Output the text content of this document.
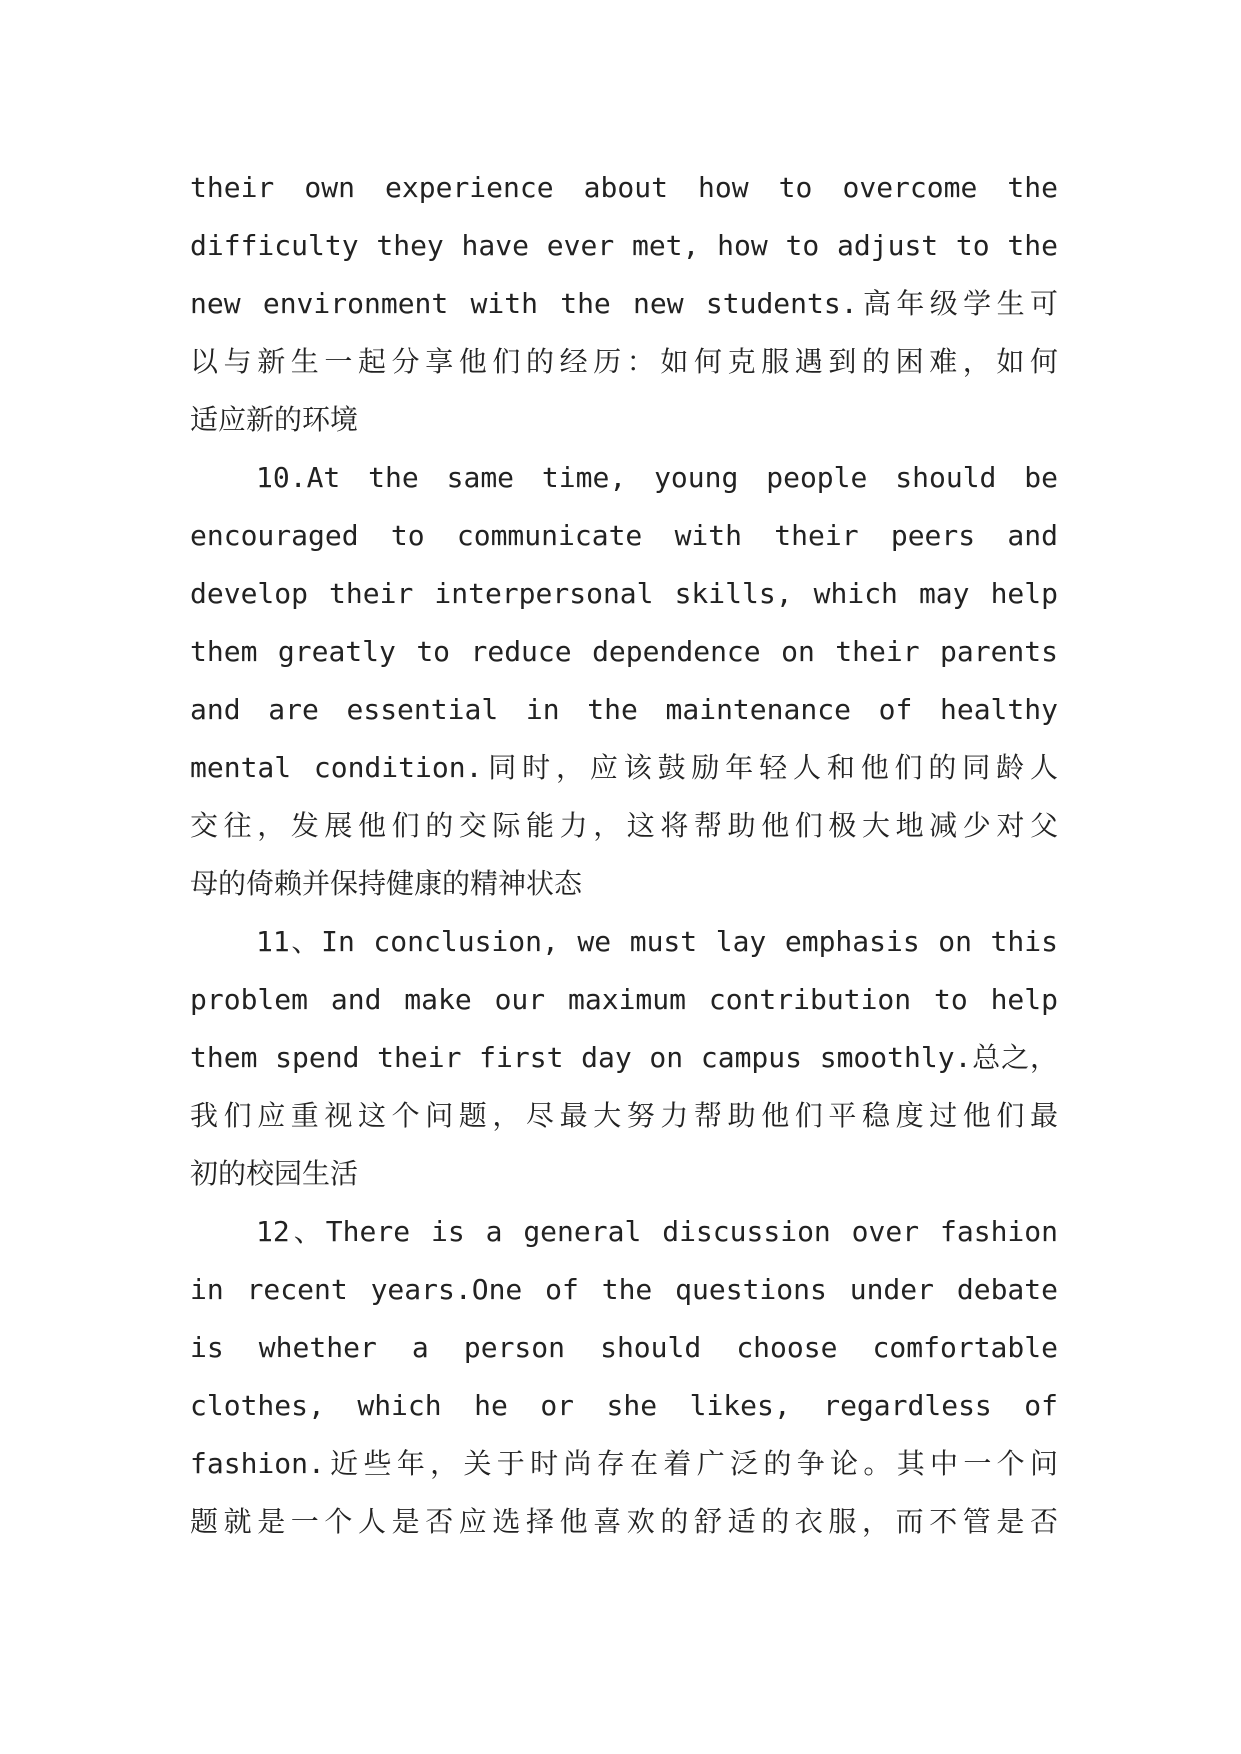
their own experience about how to overcome the
difficulty they have ever met, how to adjust to the
new environment with the new students.高年级学生可
以与新生一起分享他们的经历：如何克服遇到的困难，如何
适应新的环境
10.At the same time, young people should be
encouraged to communicate with their peers and
develop their interpersonal skills, which may help
them greatly to reduce dependence on their parents
and are essential in the maintenance of healthy
mental condition.同时，应该鼓励年轻人和他们的同龄人
交往，发展他们的交际能力，这将帮助他们极大地减少对父
母的倚赖并保持健康的精神状态
11、In conclusion, we must lay emphasis on this
problem and make our maximum contribution to help
them spend their first day on campus smoothly.总之，
我们应重视这个问题，尽最大努力帮助他们平稳度过他们最
初的校园生活
12、There is a general discussion over fashion
in recent years.One of the questions under debate
is whether a person should choose comfortable
clothes, which he or she likes, regardless of
fashion.近些年，关于时尚存在着广泛的争论。其中一个问
题就是一个人是否应选择他喜欢的舒适的衣服，而不管是否
